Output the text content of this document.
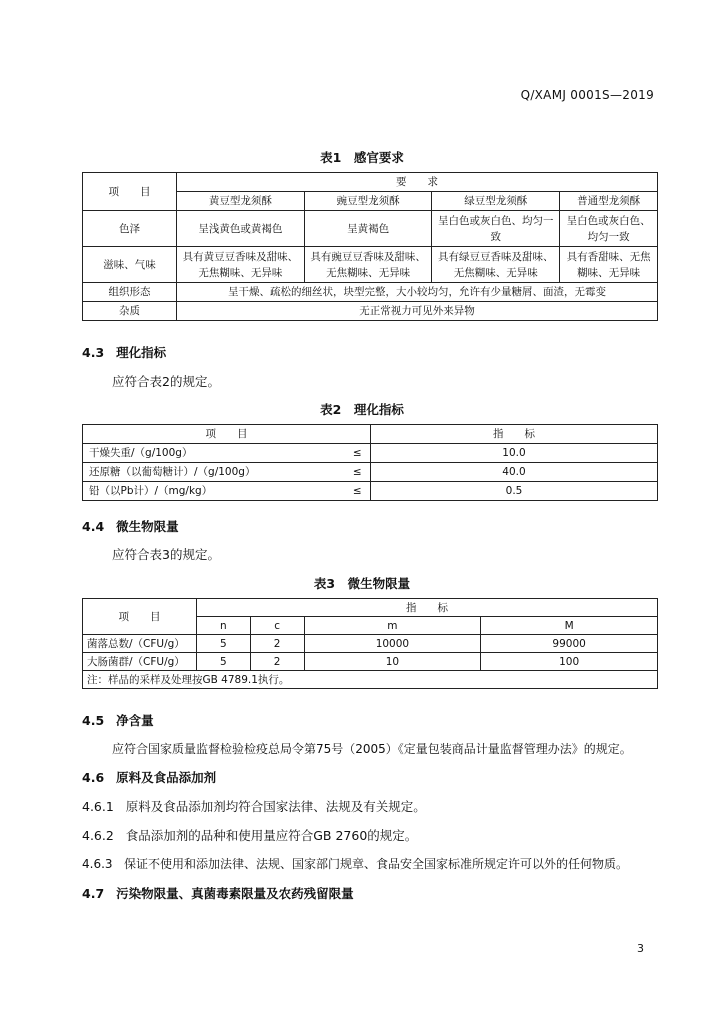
Q/XAMJ 0001S—2019
表1　感官要求
项　　目	要　　求			
	黄豆型龙须酥	豌豆型龙须酥	绿豆型龙须酥	普通型龙须酥
色泽	呈浅黄色或黄褐色	呈黄褐色	呈白色或灰白色、均匀一致	呈白色或灰白色、均匀一致
滋味、气味	具有黄豆豆香味及甜味、无焦糊味、无异味	具有豌豆豆香味及甜味、无焦糊味、无异味	具有绿豆豆香味及甜味、无焦糊味、无异味	具有香甜味、无焦糊味、无异味
组织形态	呈干燥、疏松的细丝状，块型完整，大小较均匀，允许有少量糖屑、面渣，无霉变			
杂质	无正常视力可见外来异物			
4.3 理化指标
应符合表2的规定。
表2　理化指标
项　　目		指　　标
干燥失重/（g/100g）	≤	10.0
还原糖（以葡萄糖计）/（g/100g）	≤	40.0
铅（以Pb计）/（mg/kg）	≤	0.5
4.4 微生物限量
应符合表3的规定。
表3　微生物限量
项　　目	指　　标			
	n	c	m	M
菌落总数/（CFU/g）	5	2	10000	99000
大肠菌群/（CFU/g）	5	2	10	100
注：样品的采样及处理按GB 4789.1执行。				
4.5 净含量
应符合国家质量监督检验检疫总局令第75号（2005）《定量包装商品计量监督管理办法》的规定。
4.6 原料及食品添加剂
4.6.1 原料及食品添加剂均符合国家法律、法规及有关规定。
4.6.2 食品添加剂的品种和使用量应符合GB 2760的规定。
4.6.3 保证不使用和添加法律、法规、国家部门规章、食品安全国家标准所规定许可以外的任何物质。
4.7 污染物限量、真菌毒素限量及农药残留限量
3
